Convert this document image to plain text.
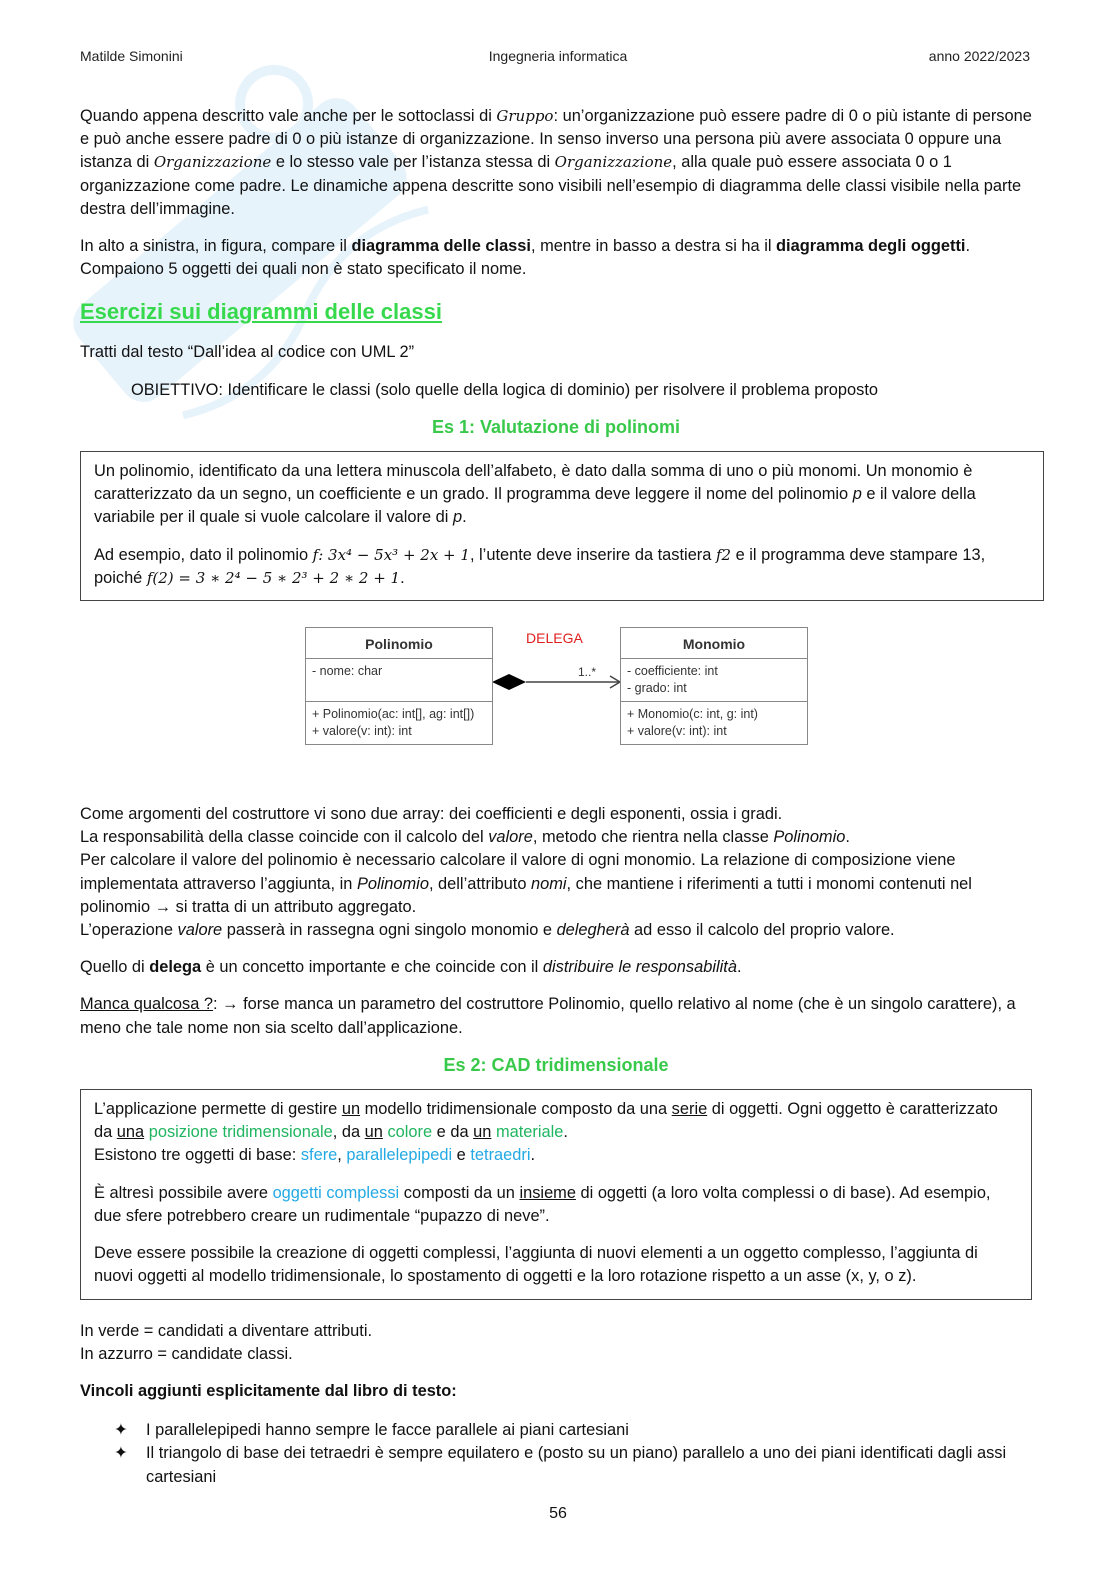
Matilde Simonini	Ingegneria informatica	anno 2022/2023

Quando appena descritto vale anche per le sottoclassi di Gruppo: un’organizzazione può essere padre di 0 o più istante di persone e può anche essere padre di 0 o più istanze di organizzazione. In senso inverso una persona più avere associata 0 oppure una istanza di Organizzazione e lo stesso vale per l’istanza stessa di Organizzazione, alla quale può essere associata 0 o 1 organizzazione come padre. Le dinamiche appena descritte sono visibili nell’esempio di diagramma delle classi visibile nella parte destra dell’immagine.

In alto a sinistra, in figura, compare il diagramma delle classi, mentre in basso a destra si ha il diagramma degli oggetti. Compaiono 5 oggetti dei quali non è stato specificato il nome.

Esercizi sui diagrammi delle classi

Tratti dal testo “Dall’idea al codice con UML 2”

OBIETTIVO: Identificare le classi (solo quelle della logica di dominio) per risolvere il problema proposto

Es 1: Valutazione di polinomi

Un polinomio, identificato da una lettera minuscola dell’alfabeto, è dato dalla somma di uno o più monomi. Un monomio è caratterizzato da un segno, un coefficiente e un grado. Il programma deve leggere il nome del polinomio p e il valore della variabile per il quale si vuole calcolare il valore di p.

Ad esempio, dato il polinomio f: 3x⁴ − 5x³ + 2x + 1, l’utente deve inserire da tastiera f2 e il programma deve stampare 13, poiché f(2) = 3 ∗ 2⁴ − 5 ∗ 2³ + 2 ∗ 2 + 1.

DELEGA
1..*
Polinomio
- nome: char
+ Polinomio(ac: int[], ag: int[])
+ valore(v: int): int
Monomio
- coefficiente: int
- grado: int
+ Monomio(c: int, g: int)
+ valore(v: int): int

Come argomenti del costruttore vi sono due array: dei coefficienti e degli esponenti, ossia i gradi.
La responsabilità della classe coincide con il calcolo del valore, metodo che rientra nella classe Polinomio.
Per calcolare il valore del polinomio è necessario calcolare il valore di ogni monomio. La relazione di composizione viene implementata attraverso l’aggiunta, in Polinomio, dell’attributo nomi, che mantiene i riferimenti a tutti i monomi contenuti nel polinomio → si tratta di un attributo aggregato.
L’operazione valore passerà in rassegna ogni singolo monomio e delegherà ad esso il calcolo del proprio valore.

Quello di delega è un concetto importante e che coincide con il distribuire le responsabilità.

Manca qualcosa ?: → forse manca un parametro del costruttore Polinomio, quello relativo al nome (che è un singolo carattere), a meno che tale nome non sia scelto dall’applicazione.

Es 2: CAD tridimensionale

L’applicazione permette di gestire un modello tridimensionale composto da una serie di oggetti. Ogni oggetto è caratterizzato da una posizione tridimensionale, da un colore e da un materiale.
Esistono tre oggetti di base: sfere, parallelepipedi e tetraedri.

È altresì possibile avere oggetti complessi composti da un insieme di oggetti (a loro volta complessi o di base). Ad esempio, due sfere potrebbero creare un rudimentale “pupazzo di neve”.

Deve essere possibile la creazione di oggetti complessi, l’aggiunta di nuovi elementi a un oggetto complesso, l’aggiunta di nuovi oggetti al modello tridimensionale, lo spostamento di oggetti e la loro rotazione rispetto a un asse (x, y, o z).

In verde = candidati a diventare attributi.
In azzurro = candidate classi.

Vincoli aggiunti esplicitamente dal libro di testo:

✦ I parallelepipedi hanno sempre le facce parallele ai piani cartesiani
✦ Il triangolo di base dei tetraedri è sempre equilatero e (posto su un piano) parallelo a uno dei piani identificati dagli assi cartesiani
56
